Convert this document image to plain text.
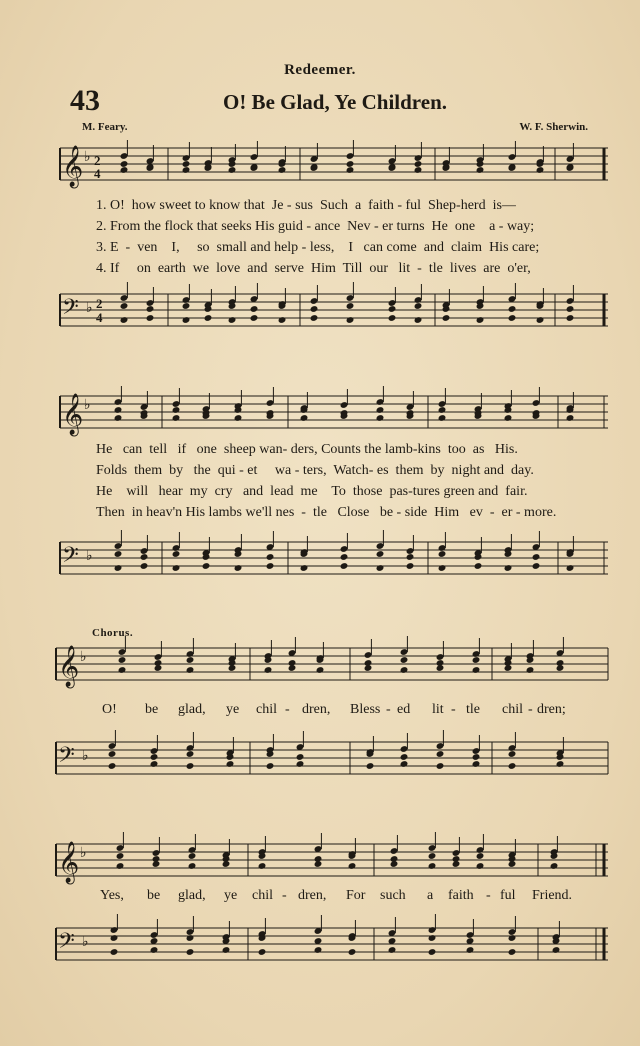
Redeemer.
43	O! Be Glad, Ye Children.
M. Feary.	W. F. Sherwin.
𝄞 ♭ 2
4

1. O!  how sweet to know that  Je - sus  Such  a  faith - ful  Shep-herd  is—

2. From the flock that seeks His guid - ance  Nev - er turns  He  one    a - way;

3. E  -  ven    I,     so  small and help - less,    I   can come  and  claim  His care;

4. If     on  earth  we  love  and  serve  Him  Till  our   lit  -  tle  lives  are  o'er,

𝄢 ♭ 2
4
𝄞 ♭

He   can  tell   if   one  sheep wan- ders, Counts the lamb-kins  too  as   His.

Folds  them  by   the  qui - et     wa - ters,  Watch- es  them  by  night and  day.

He    will   hear  my  cry   and  lead  me    To  those  pas-tures green and  fair.

Then  in heav'n His lambs we'll nes  -  tle   Close   be - side  Him   ev  -  er - more.

𝄢 ♭
Chorus.
𝄞 ♭
O! be glad, ye chil - dren, Bless - ed lit - tle chil - dren;
𝄢 ♭
𝄞 ♭
Yes, be glad, ye chil - dren, For such a faith - ful Friend.
𝄢 ♭
